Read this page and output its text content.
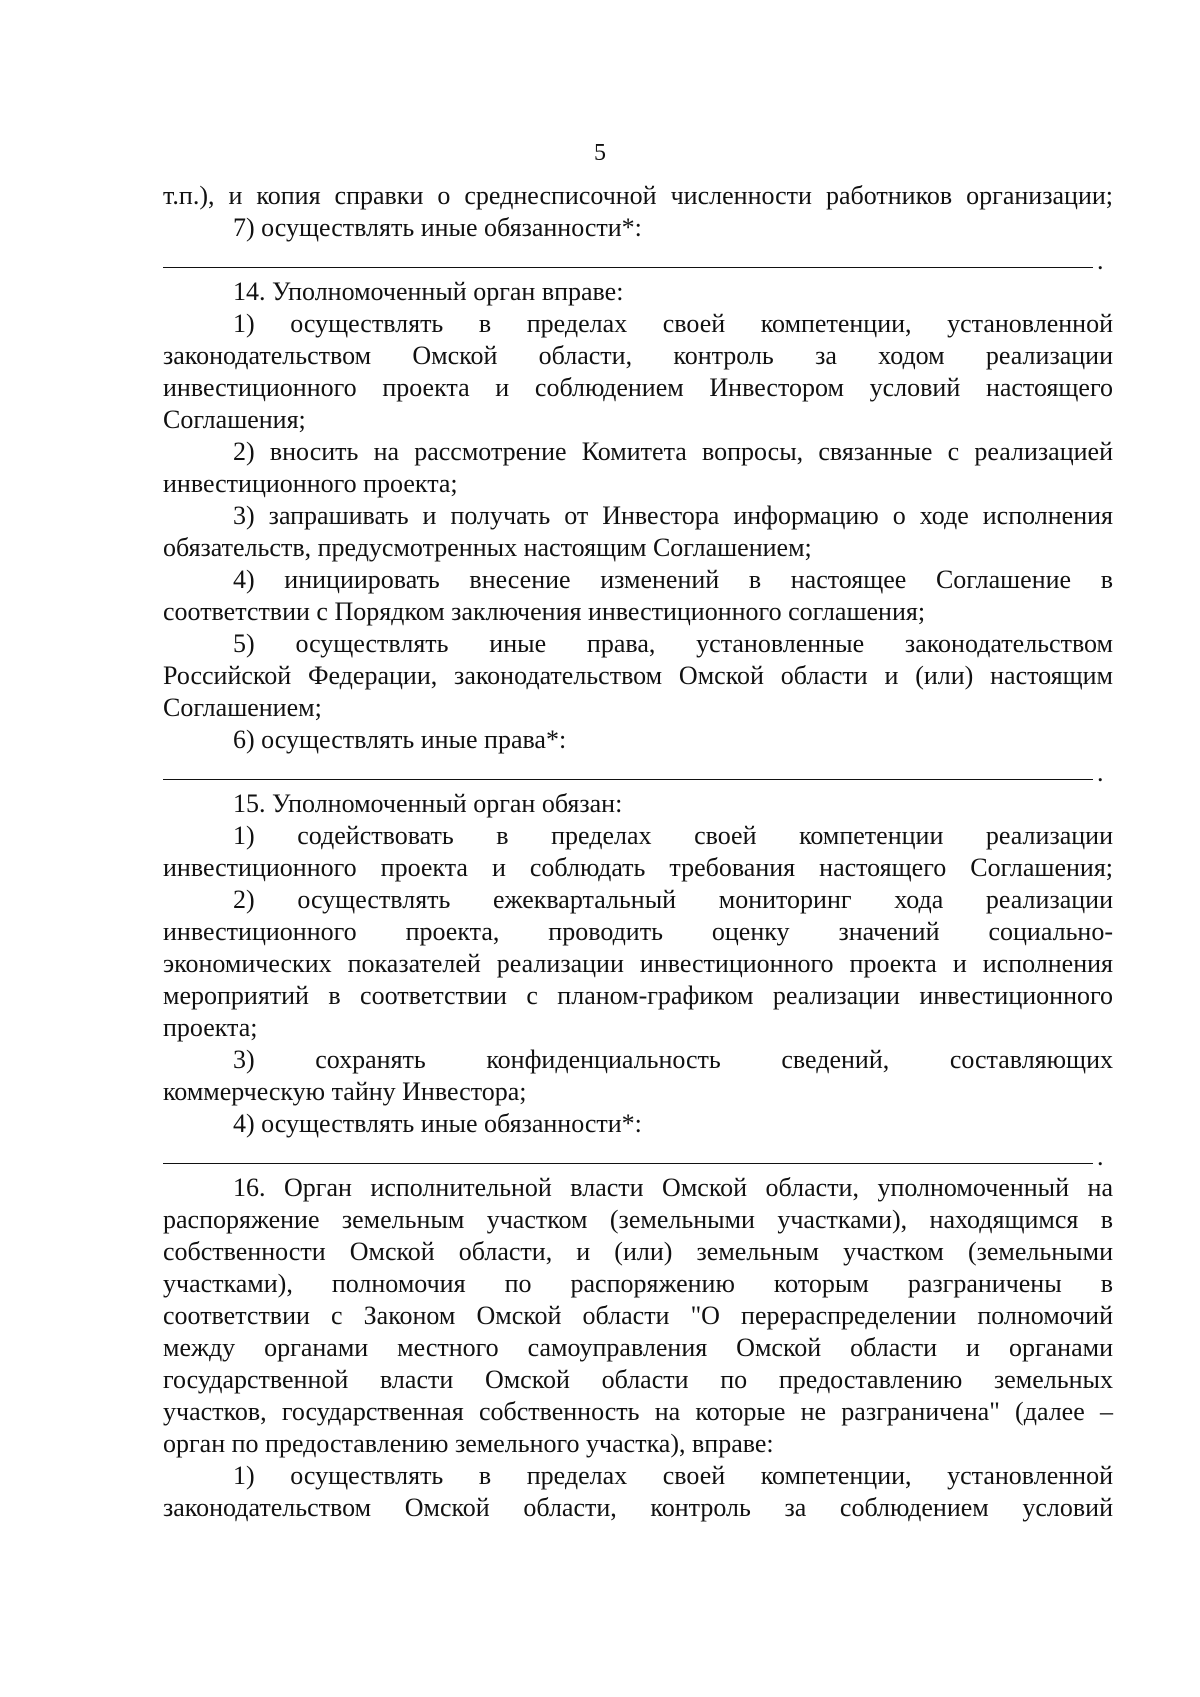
5
т.п.), и копия справки о среднесписочной численности работников организации;
7) осуществлять иные обязанности*:
.
14. Уполномоченный орган вправе:
1) осуществлять в пределах своей компетенции, установленной
законодательством Омской области, контроль за ходом реализации
инвестиционного проекта и соблюдением Инвестором условий настоящего
Соглашения;
2) вносить на рассмотрение Комитета вопросы, связанные с реализацией
инвестиционного проекта;
3) запрашивать и получать от Инвестора информацию о ходе исполнения
обязательств, предусмотренных настоящим Соглашением;
4) инициировать внесение изменений в настоящее Соглашение в
соответствии с Порядком заключения инвестиционного соглашения;
5) осуществлять иные права, установленные законодательством
Российской Федерации, законодательством Омской области и (или) настоящим
Соглашением;
6) осуществлять иные права*:
.
15. Уполномоченный орган обязан:
1) содействовать в пределах своей компетенции реализации
инвестиционного проекта и соблюдать требования настоящего Соглашения;
2) осуществлять ежеквартальный мониторинг хода реализации
инвестиционного проекта, проводить оценку значений социально-
экономических показателей реализации инвестиционного проекта и исполнения
мероприятий в соответствии с планом-графиком реализации инвестиционного
проекта;
3) сохранять конфиденциальность сведений, составляющих
коммерческую тайну Инвестора;
4) осуществлять иные обязанности*:
.
16. Орган исполнительной власти Омской области, уполномоченный на
распоряжение земельным участком (земельными участками), находящимся в
собственности Омской области, и (или) земельным участком (земельными
участками), полномочия по распоряжению которым разграничены в
соответствии с Законом Омской области "О перераспределении полномочий
между органами местного самоуправления Омской области и органами
государственной власти Омской области по предоставлению земельных
участков, государственная собственность на которые не разграничена" (далее –
орган по предоставлению земельного участка), вправе:
1) осуществлять в пределах своей компетенции, установленной
законодательством Омской области, контроль за соблюдением условий
